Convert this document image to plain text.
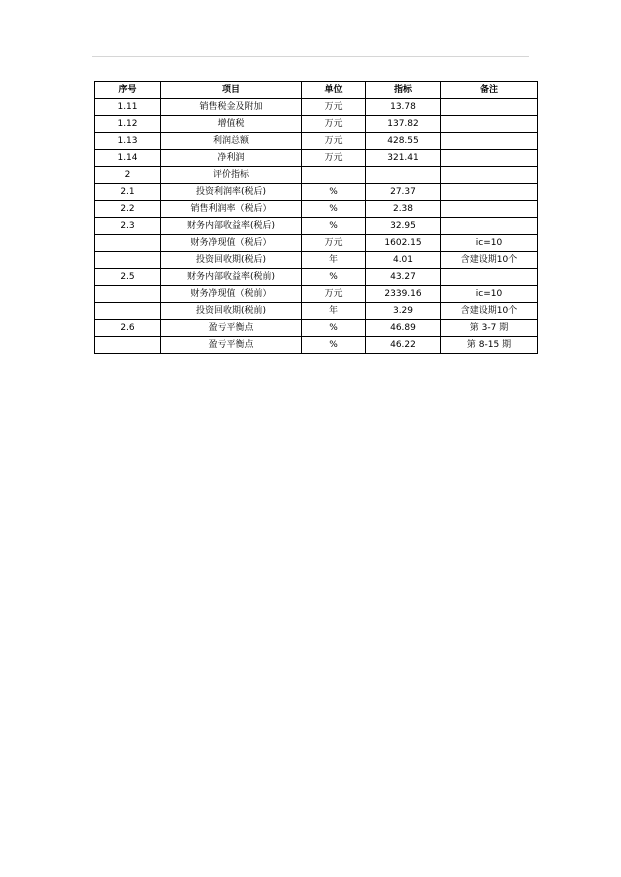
序号	项目	单位	指标	备注
1.11	销售税金及附加	万元	13.78	
1.12	增值税	万元	137.82	
1.13	利润总额	万元	428.55	
1.14	净利润	万元	321.41	
2	评价指标			
2.1	投资利润率(税后)	%	27.37	
2.2	销售利润率（税后）	%	2.38	
2.3	财务内部收益率(税后)	%	32.95	
	财务净现值（税后）	万元	1602.15	ic=10
	投资回收期(税后)	年	4.01	含建设期10个
2.5	财务内部收益率(税前)	%	43.27	
	财务净现值（税前）	万元	2339.16	ic=10
	投资回收期(税前)	年	3.29	含建设期10个
2.6	盈亏平衡点	%	46.89	第 3-7 期
	盈亏平衡点	%	46.22	第 8-15 期
